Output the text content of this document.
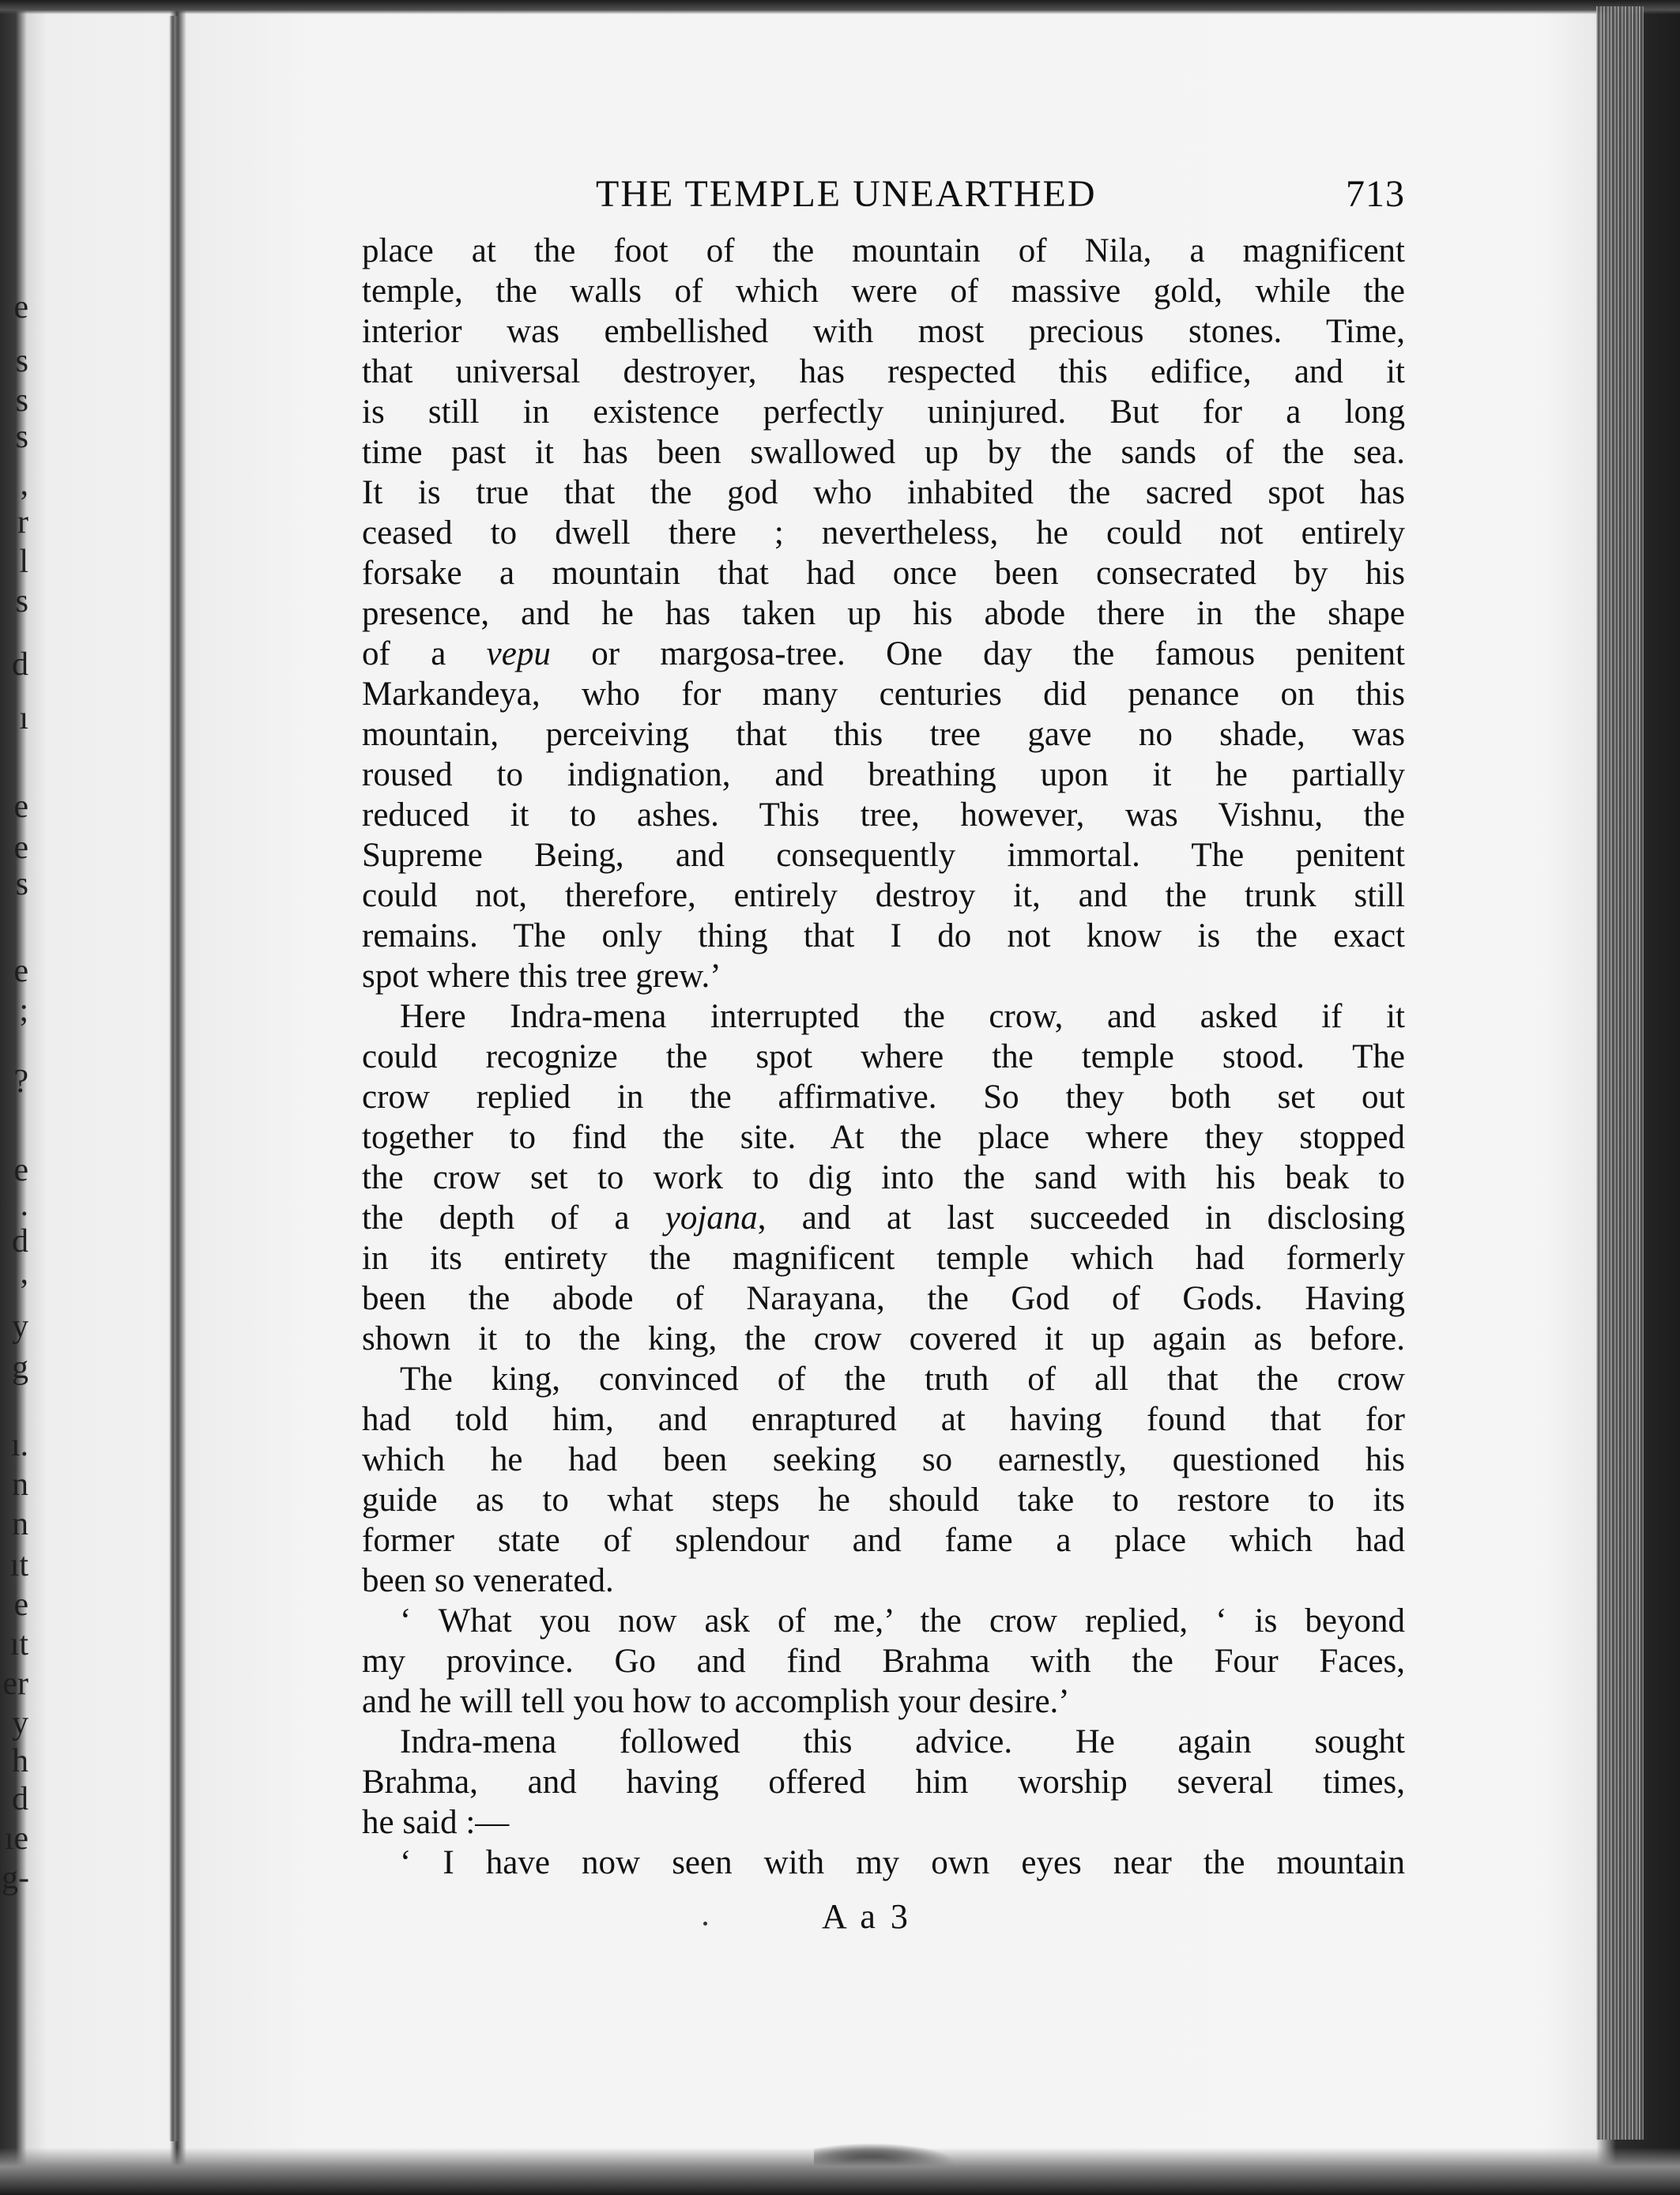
e
s
s
s
,
r
l
s
d
ı
e
e
s
e
;
?
e
.
d
,
y
g
ı.
n
n
ıt
e
ıt
er
y
h
d
ıe
g-
THE TEMPLE UNEARTHED	713
place at the foot of the mountain of Nila, a magnificent
temple, the walls of which were of massive gold, while the
interior was embellished with most precious stones. Time,
that universal destroyer, has respected this edifice, and it
is still in existence perfectly uninjured. But for a long
time past it has been swallowed up by the sands of the sea.
It is true that the god who inhabited the sacred spot has
ceased to dwell there ; nevertheless, he could not entirely
forsake a mountain that had once been consecrated by his
presence, and he has taken up his abode there in the shape
of a vepu or margosa-tree. One day the famous penitent
Markandeya, who for many centuries did penance on this
mountain, perceiving that this tree gave no shade, was
roused to indignation, and breathing upon it he partially
reduced it to ashes. This tree, however, was Vishnu, the
Supreme Being, and consequently immortal. The penitent
could not, therefore, entirely destroy it, and the trunk still
remains. The only thing that I do not know is the exact
spot where this tree grew.’
Here Indra-mena interrupted the crow, and asked if it
could recognize the spot where the temple stood. The
crow replied in the affirmative. So they both set out
together to find the site. At the place where they stopped
the crow set to work to dig into the sand with his beak to
the depth of a yojana, and at last succeeded in disclosing
in its entirety the magnificent temple which had formerly
been the abode of Narayana, the God of Gods. Having
shown it to the king, the crow covered it up again as before.
The king, convinced of the truth of all that the crow
had told him, and enraptured at having found that for
which he had been seeking so earnestly, questioned his
guide as to what steps he should take to restore to its
former state of splendour and fame a place which had
been so venerated.
‘ What you now ask of me,’ the crow replied, ‘ is beyond
my province. Go and find Brahma with the Four Faces,
and he will tell you how to accomplish your desire.’
Indra-mena followed this advice. He again sought
Brahma, and having offered him worship several times,
he said :—
‘ I have now seen with my own eyes near the mountain
A a 3
